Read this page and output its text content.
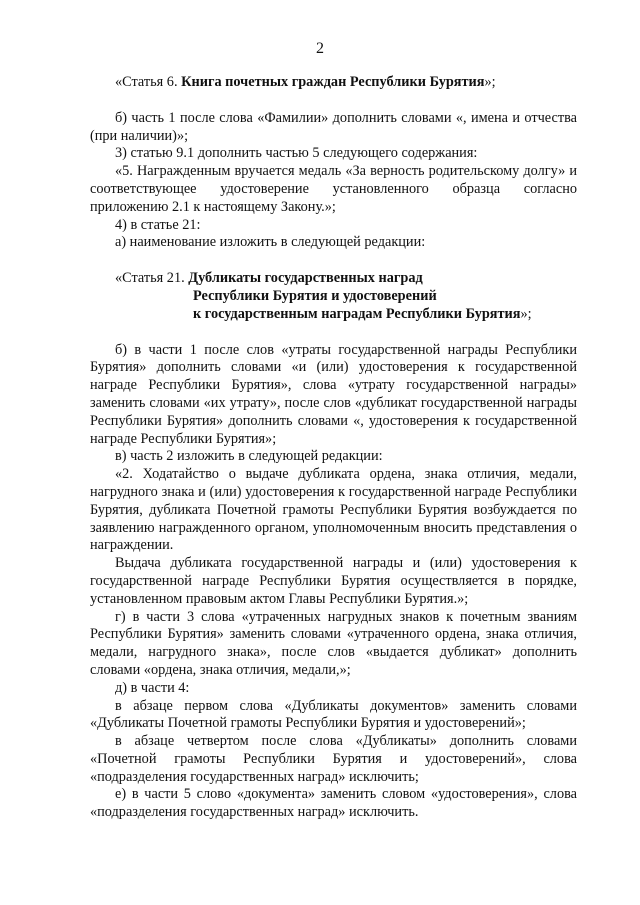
2

«Статья 6. Книга почетных граждан Республики Бурятия»;

б) часть 1 после слова «Фамилии» дополнить словами «, имена и отчества (при наличии)»;

3) статью 9.1 дополнить частью 5 следующего содержания:

«5. Награжденным вручается медаль «За верность родительскому долгу» и соответствующее удостоверение установленного образца согласно приложению 2.1 к настоящему Закону.»;

4) в статье 21:

а) наименование изложить в следующей редакции:

«Статья 21. Дубликаты государственных наград

Республики Бурятия и удостоверений

к государственным наградам Республики Бурятия»;

б) в части 1 после слов «утраты государственной награды Республики Бурятия» дополнить словами «и (или) удостоверения к государственной награде Республики Бурятия», слова «утрату государственной награды» заменить словами «их утрату», после слов «дубликат государственной награды Республики Бурятия» дополнить словами «, удостоверения к государственной награде Республики Бурятия»;

в) часть 2 изложить в следующей редакции:

«2. Ходатайство о выдаче дубликата ордена, знака отличия, медали, нагрудного знака и (или) удостоверения к государственной награде Республики Бурятия, дубликата Почетной грамоты Республики Бурятия возбуждается по заявлению награжденного органом, уполномоченным вносить представления о награждении.

Выдача дубликата государственной награды и (или) удостоверения к государственной награде Республики Бурятия осуществляется в порядке, установленном правовым актом Главы Республики Бурятия.»;

г) в части 3 слова «утраченных нагрудных знаков к почетным званиям Республики Бурятия» заменить словами «утраченного ордена, знака отличия, медали, нагрудного знака», после слов «выдается дубликат» дополнить словами «ордена, знака отличия, медали,»;

д) в части 4:

в абзаце первом слова «Дубликаты документов» заменить словами «Дубликаты Почетной грамоты Республики Бурятия и удостоверений»;

в абзаце четвертом после слова «Дубликаты» дополнить словами «Почетной грамоты Республики Бурятия и удостоверений», слова «подразделения государственных наград» исключить;

е) в части 5 слово «документа» заменить словом «удостоверения», слова «подразделения государственных наград» исключить.
